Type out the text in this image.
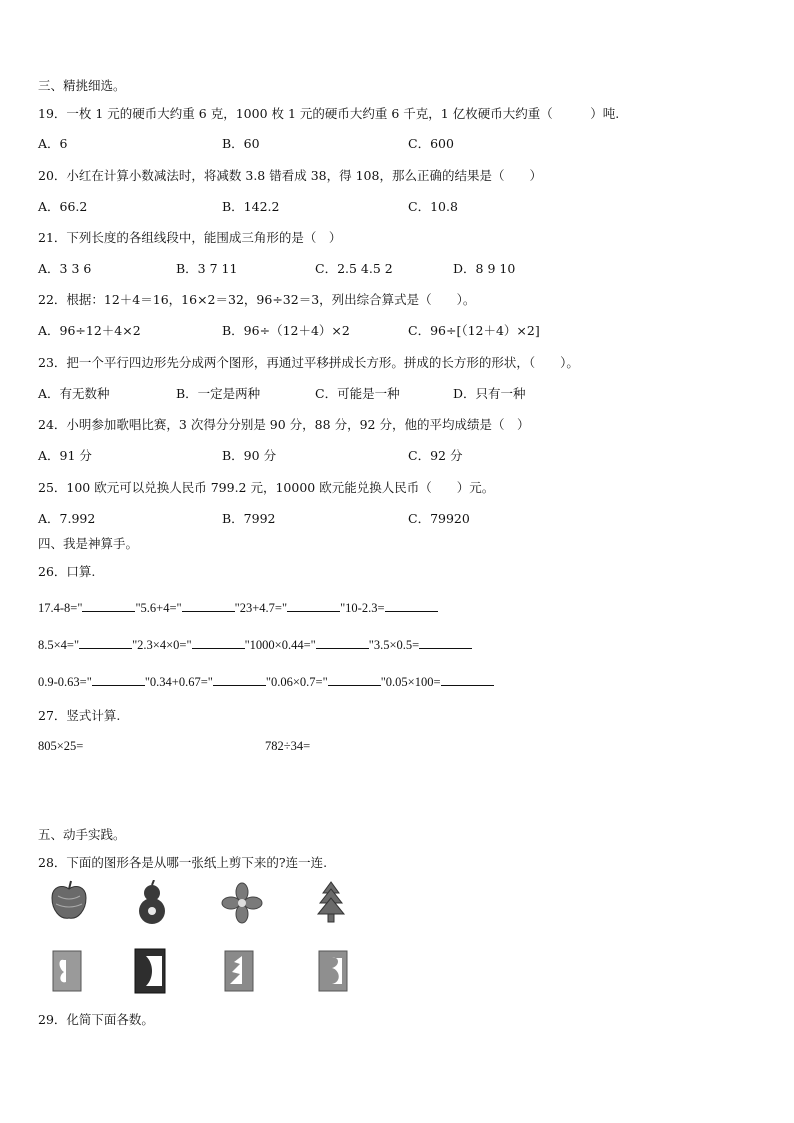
三、精挑细选。
19．一枚 1 元的硬币大约重 6 克，1000 枚 1 元的硬币大约重 6 千克，1 亿枚硬币大约重（　　　）吨.
A．6	B．60	C．600
20．小红在计算小数减法时，将减数 3.8 错看成 38，得 108，那么正确的结果是（　　）
A．66.2	B．142.2	C．10.8
21．下列长度的各组线段中，能围成三角形的是（　）
A．3 3 6	B．3 7 11	C．2.5 4.5 2	D．8 9 10
22．根据：12＋4＝16，16×2＝32，96÷32＝3，列出综合算式是（　　）。
A．96÷12＋4×2	B．96÷（12＋4）×2	C．96÷[（12＋4）×2]
23．把一个平行四边形先分成两个图形，再通过平移拼成长方形。拼成的长方形的形状，（　　）。
A．有无数种	B．一定是两种	C．可能是一种	D．只有一种
24．小明参加歌唱比赛，3 次得分分别是 90 分，88 分，92 分，他的平均成绩是（　）
A．91 分	B．90 分	C．92 分
25．100 欧元可以兑换人民币 799.2 元，10000 欧元能兑换人民币（　　）元。
A．7.992	B．7992	C．79920
四、我是神算手。
26．口算.
17.4-8="	"5.6+4="	"23+4.7="	"10-2.3=
8.5×4="	"2.3×4×0="	"1000×0.44="	"3.5×0.5=
0.9-0.63="	"0.34+0.67="	"0.06×0.7="	"0.05×100=
27．竖式计算.
805×25=	782÷34=
五、动手实践。
28．下面的图形各是从哪一张纸上剪下来的?连一连.
29．化简下面各数。
